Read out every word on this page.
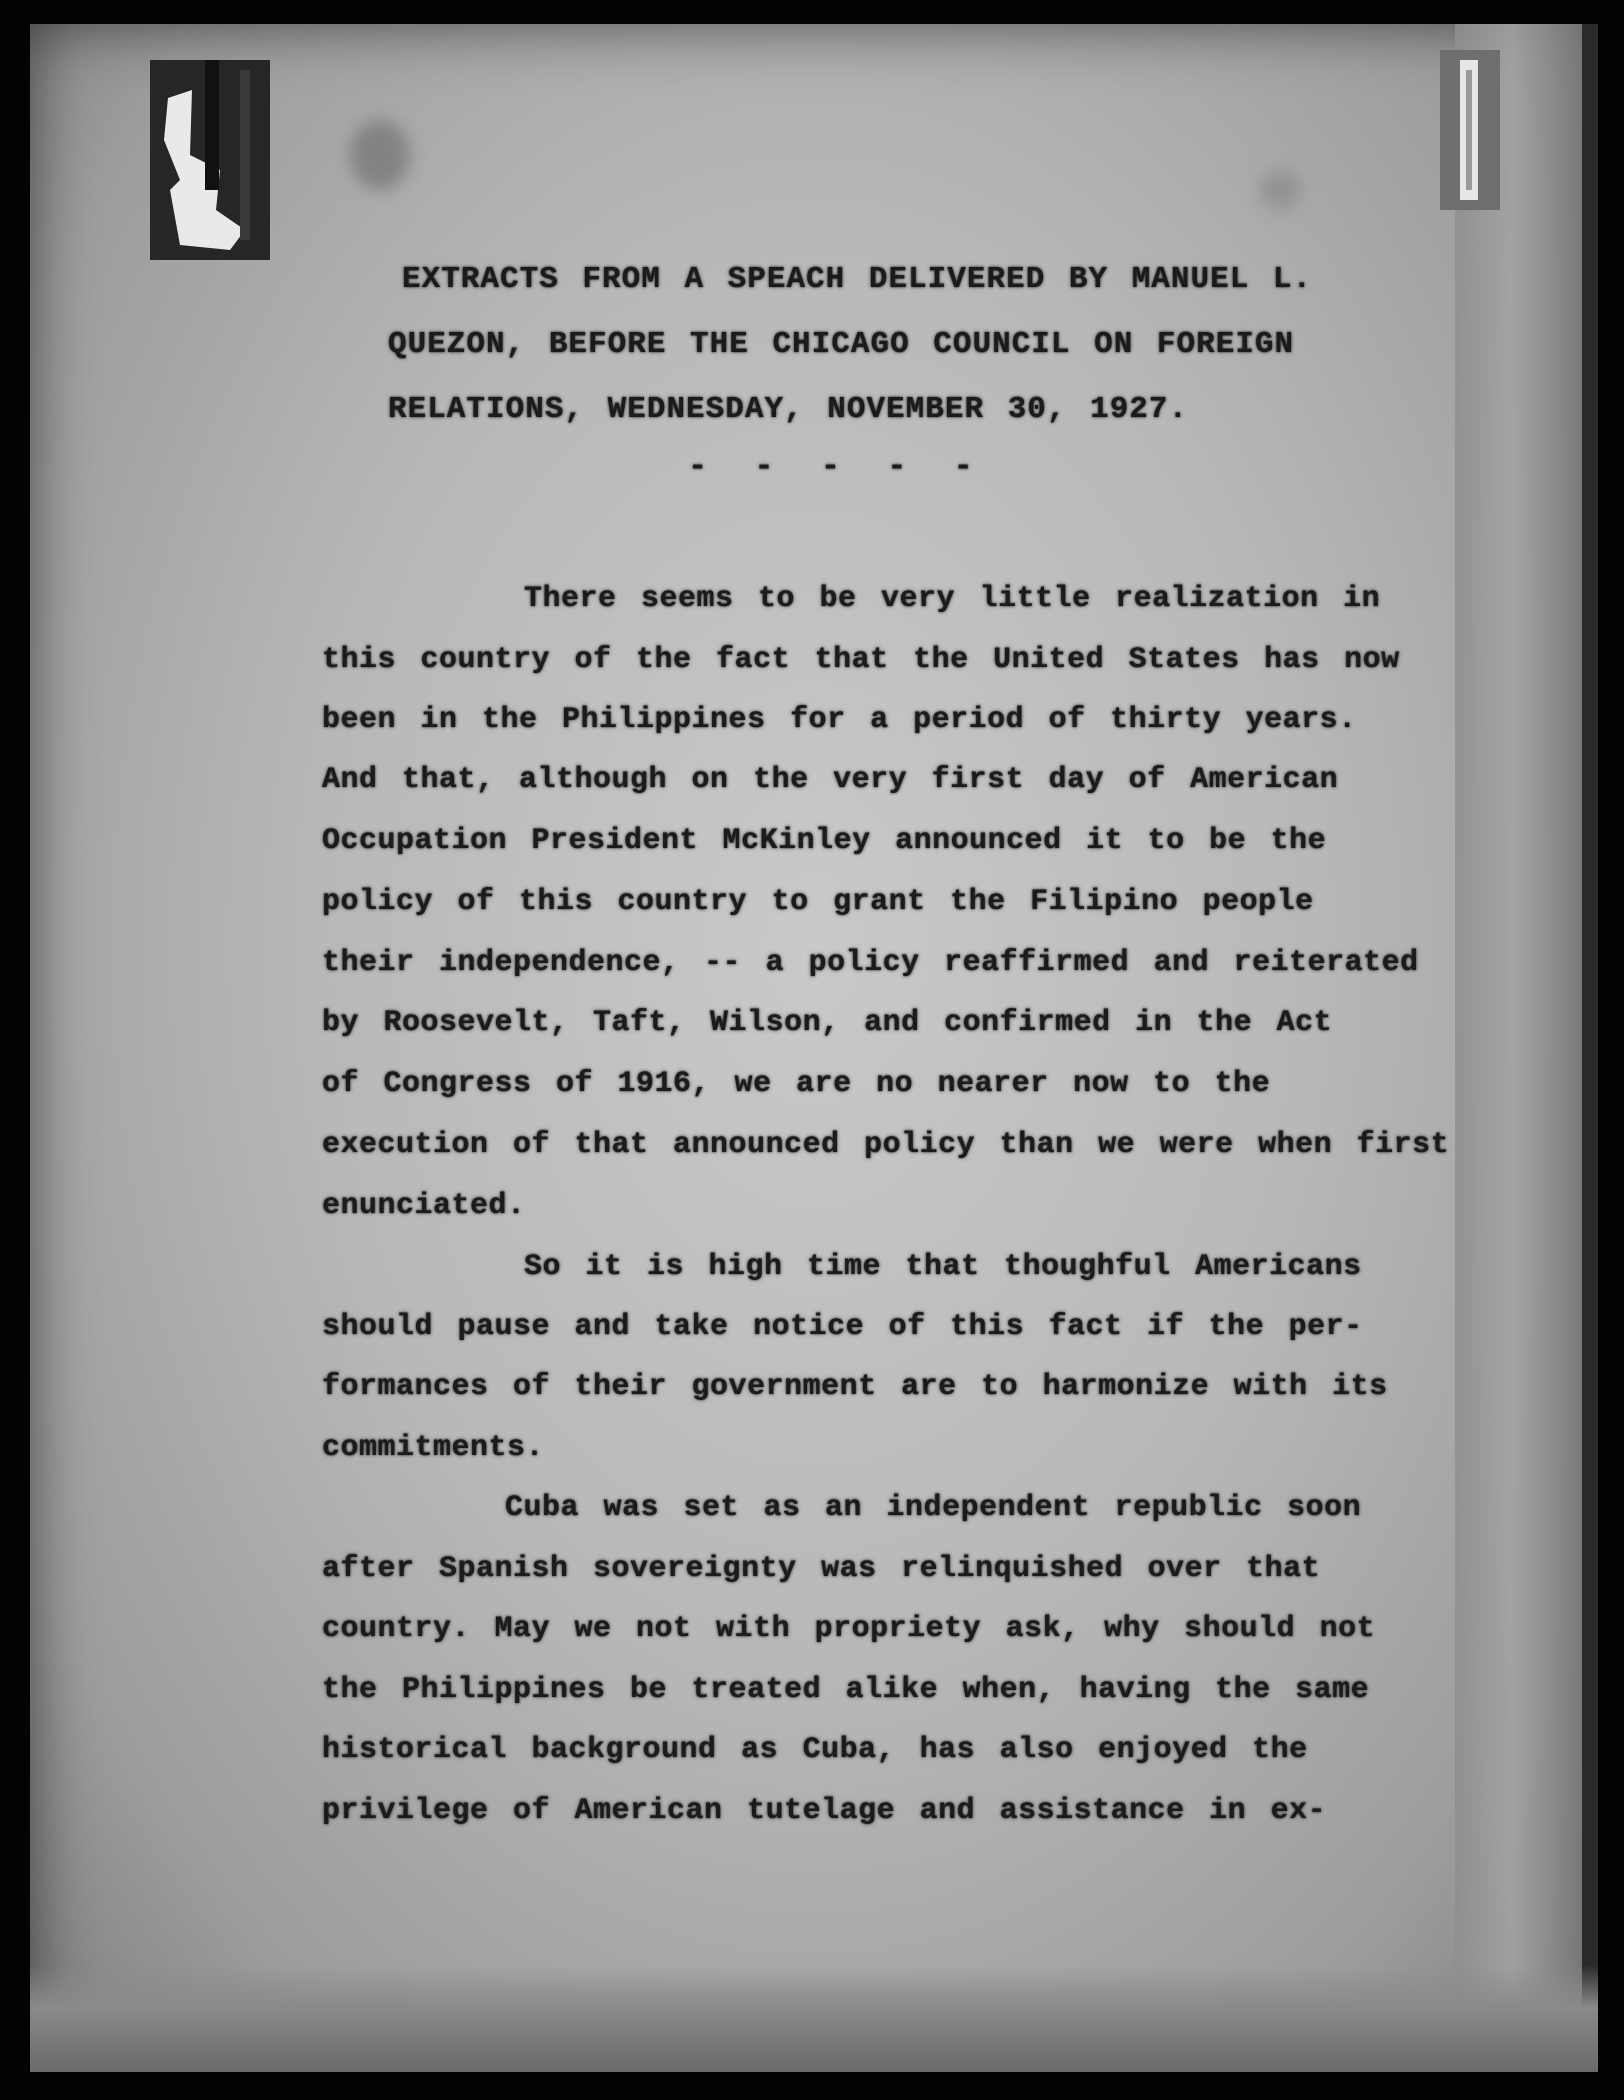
EXTRACTS FROM A SPEACH DELIVERED BY MANUEL L.
QUEZON, BEFORE THE CHICAGO COUNCIL ON FOREIGN
RELATIONS, WEDNESDAY, NOVEMBER 30, 1927.
- - - - -
There seems to be very little realization in
this country of the fact that the United States has now
been in the Philippines for a period of thirty years.
And that, although on the very first day of American
Occupation President McKinley announced it to be the
policy of this country to grant the Filipino people
their independence, -- a policy reaffirmed and reiterated
by Roosevelt, Taft, Wilson, and confirmed in the Act
of Congress of 1916, we are no nearer now to the
execution of that announced policy than we were when first
enunciated.
So it is high time that thoughful Americans
should pause and take notice of this fact if the per-
formances of their government are to harmonize with its
commitments.
Cuba was set as an independent republic soon
after Spanish sovereignty was relinquished over that
country. May we not with propriety ask, why should not
the Philippines be treated alike when, having the same
historical background as Cuba, has also enjoyed the
privilege of American tutelage and assistance in ex-
